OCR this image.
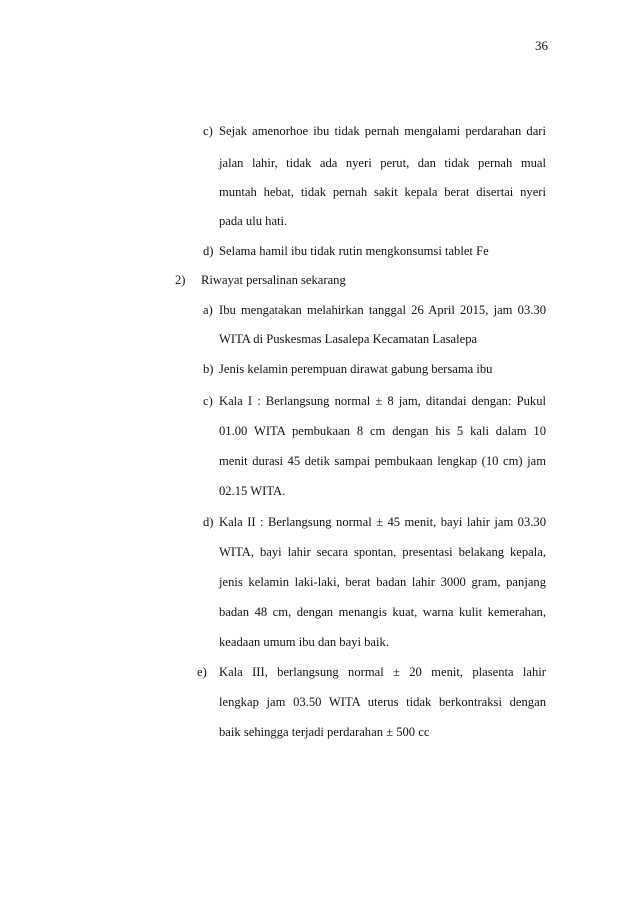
36
c) Sejak amenorhoe ibu tidak pernah mengalami perdarahan dari
jalan lahir, tidak ada nyeri perut, dan tidak pernah mual
muntah hebat, tidak pernah sakit kepala berat disertai nyeri
pada ulu hati.
d) Selama hamil ibu tidak rutin mengkonsumsi tablet Fe
2) Riwayat persalinan sekarang
a) Ibu mengatakan melahirkan tanggal 26 April 2015, jam 03.30
WITA di Puskesmas Lasalepa Kecamatan Lasalepa
b) Jenis kelamin perempuan dirawat gabung bersama ibu
c) Kala I : Berlangsung normal ± 8 jam, ditandai dengan: Pukul
01.00 WITA pembukaan 8 cm dengan his 5 kali dalam 10
menit durasi 45 detik sampai pembukaan lengkap (10 cm) jam
02.15 WITA.
d) Kala II : Berlangsung normal ± 45 menit, bayi lahir jam 03.30
WITA, bayi lahir secara spontan, presentasi belakang kepala,
jenis kelamin laki-laki, berat badan lahir 3000 gram, panjang
badan 48 cm, dengan menangis kuat, warna kulit kemerahan,
keadaan umum ibu dan bayi baik.
e) Kala III, berlangsung normal ± 20 menit, plasenta lahir
lengkap jam 03.50 WITA uterus tidak berkontraksi dengan
baik sehingga terjadi perdarahan ± 500 cc
